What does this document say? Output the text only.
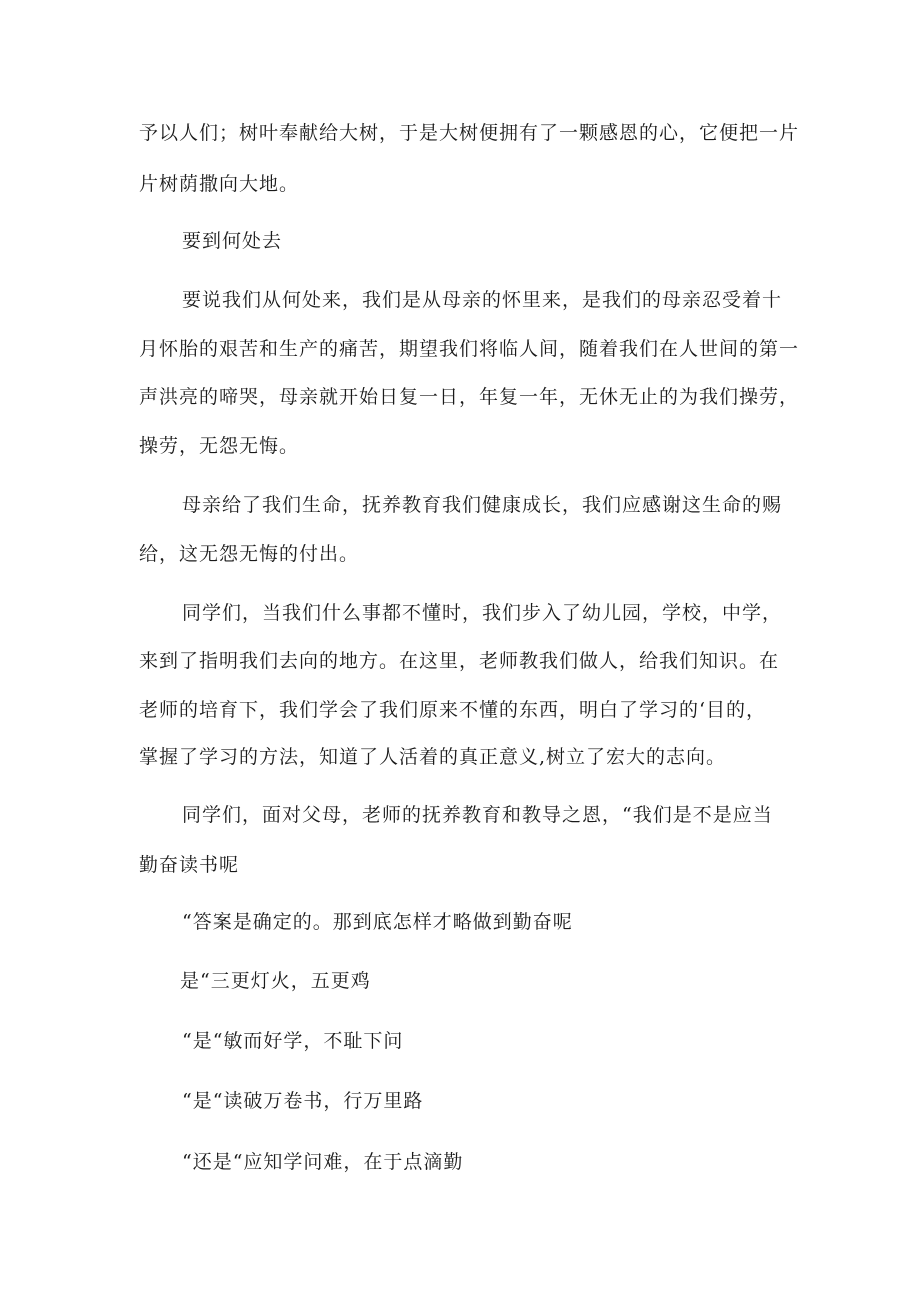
予以人们；树叶奉献给大树，于是大树便拥有了一颗感恩的心，它便把一片
片树荫撒向大地。
要到何处去
要说我们从何处来，我们是从母亲的怀里来，是我们的母亲忍受着十
月怀胎的艰苦和生产的痛苦，期望我们将临人间，随着我们在人世间的第一
声洪亮的啼哭，母亲就开始日复一日，年复一年，无休无止的为我们操劳，
操劳，无怨无悔。
母亲给了我们生命，抚养教育我们健康成长，我们应感谢这生命的赐
给，这无怨无悔的付出。
同学们，当我们什么事都不懂时，我们步入了幼儿园，学校，中学，
来到了指明我们去向的地方。在这里，老师教我们做人，给我们知识。在
老师的培育下，我们学会了我们原来不懂的东西，明白了学习的‘目的，
掌握了学习的方法，知道了人活着的真正意义,树立了宏大的志向。
同学们，面对父母，老师的抚养教育和教导之恩，“我们是不是应当
勤奋读书呢
“答案是确定的。那到底怎样才略做到勤奋呢
是“三更灯火，五更鸡
“是“敏而好学，不耻下问
“是“读破万卷书，行万里路
“还是“应知学问难，在于点滴勤
